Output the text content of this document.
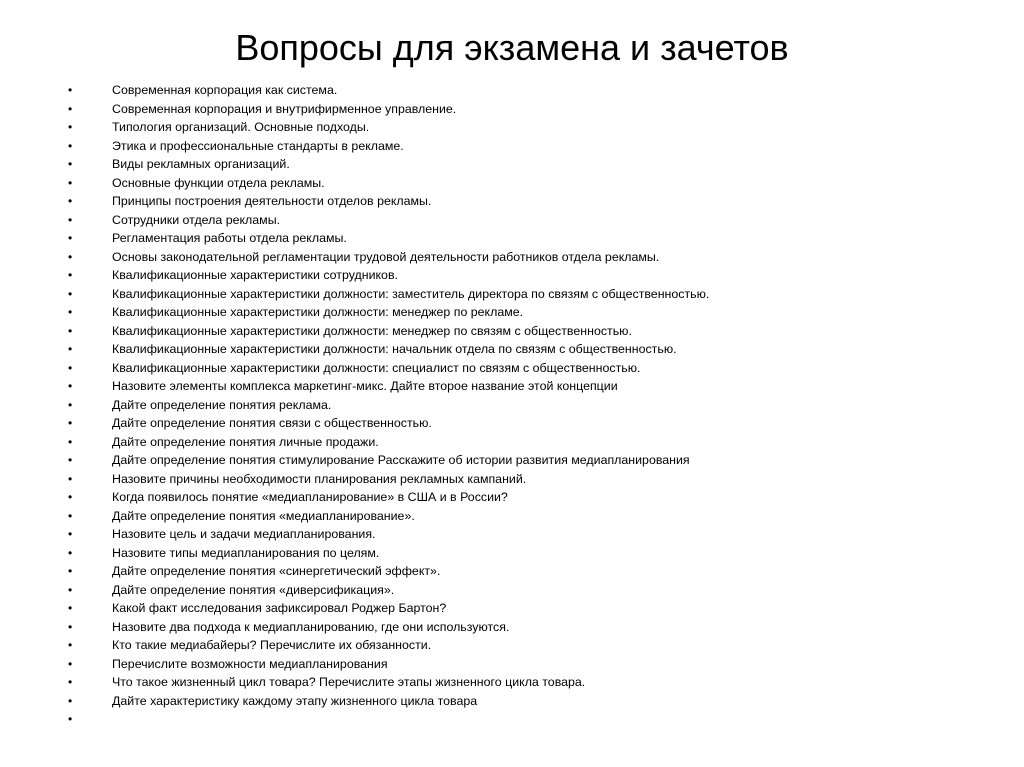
Вопросы для экзамена и зачетов
•	Современная корпорация как система.
•	Современная корпорация и внутрифирменное управление.
•	Типология организаций. Основные подходы.
•	Этика и профессиональные стандарты в рекламе.
•	Виды рекламных организаций.
•	Основные функции отдела рекламы.
•	Принципы построения деятельности отделов рекламы.
•	Сотрудники отдела рекламы.
•	Регламентация работы отдела рекламы.
•	Основы законодательной регламентации трудовой деятельности работников отдела рекламы.
•	Квалификационные характеристики сотрудников.
•	Квалификационные характеристики должности: заместитель директора по связям с общественностью.
•	Квалификационные характеристики должности: менеджер по рекламе.
•	Квалификационные характеристики должности: менеджер по связям с общественностью.
•	Квалификационные характеристики должности: начальник отдела по связям с общественностью.
•	Квалификационные характеристики должности: специалист по связям с общественностью.
•	Назовите элементы комплекса маркетинг-микс. Дайте второе название этой концепции
•	Дайте определение понятия реклама.
•	Дайте определение понятия связи с общественностью.
•	Дайте определение понятия личные продажи.
•	Дайте определение понятия стимулирование Расскажите об истории развития медиапланирования
•	Назовите причины необходимости планирования рекламных кампаний.
•	Когда появилось понятие «медиапланирование» в США и в России?
•	Дайте определение понятия «медиапланирование».
•	Назовите цель и задачи медиапланирования.
•	Назовите типы медиапланирования по целям.
•	Дайте определение понятия «синергетический эффект».
•	Дайте определение понятия «диверсификация».
•	Какой факт исследования зафиксировал Роджер Бартон?
•	Назовите два подхода к медиапланированию, где они используются.
•	Кто такие медиабайеры? Перечислите их обязанности.
•	Перечислите возможности медиапланирования
•	Что такое жизненный цикл товара? Перечислите этапы жизненного цикла товара.
•	Дайте характеристику каждому этапу жизненного цикла товара
•
